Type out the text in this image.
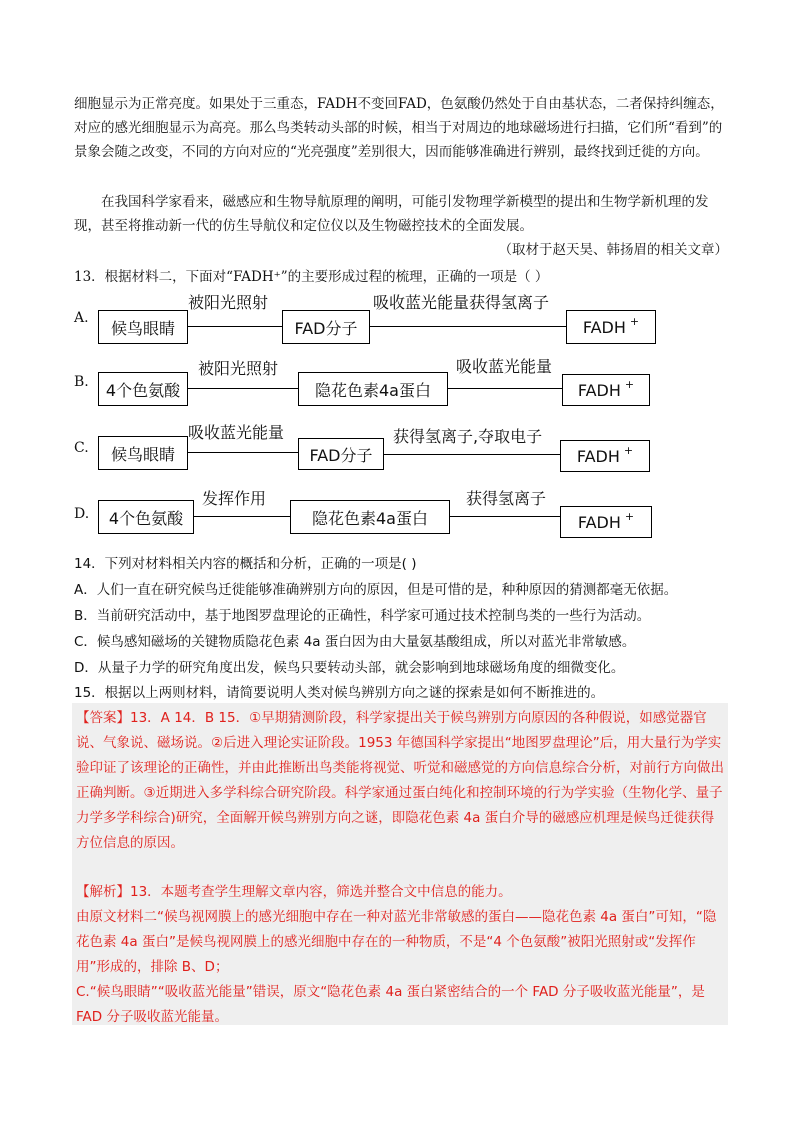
细胞显示为正常亮度。如果处于三重态，FADH不变回FAD，色氨酸仍然处于自由基状态，二者保持纠缠态，对应的感光细胞显示为高亮。那么鸟类转动头部的时候，相当于对周边的地球磁场进行扫描，它们所“看到”的景象会随之改变，不同的方向对应的“光亮强度”差别很大，因而能够准确进行辨别，最终找到迁徙的方向。
在我国科学家看来，磁感应和生物导航原理的阐明，可能引发物理学新模型的提出和生物学新机理的发现，甚至将推动新一代的仿生导航仪和定位仪以及生物磁控技术的全面发展。
（取材于赵天昊、韩扬眉的相关文章）
13．根据材料二，下面对“FADH⁺”的主要形成过程的梳理，正确的一项是（ ）
A.
候鸟眼睛
被阳光照射
FAD分子
吸收蓝光能量获得氢离子
FADH +
B.	4个色氨酸
被阳光照射
隐花色素4a蛋白
吸收蓝光能量
FADH +
C.	候鸟眼睛
吸收蓝光能量
FAD分子
获得氢离子,夺取电子
FADH +
D.	4个色氨酸
发挥作用
隐花色素4a蛋白
获得氢离子
FADH +
14．下列对材料相关内容的概括和分析，正确的一项是( )
A．人们一直在研究候鸟迁徙能够准确辨别方向的原因，但是可惜的是，种种原因的猜测都毫无依据。
B．当前研究活动中，基于地图罗盘理论的正确性，科学家可通过技术控制鸟类的一些行为活动。
C．候鸟感知磁场的关键物质隐花色素 4a 蛋白因为由大量氨基酸组成，所以对蓝光非常敏感。
D．从量子力学的研究角度出发，候鸟只要转动头部，就会影响到地球磁场角度的细微变化。
15．根据以上两则材料，请简要说明人类对候鸟辨别方向之谜的探索是如何不断推进的。
【答案】13．A 14．B 15．①早期猜测阶段，科学家提出关于候鸟辨别方向原因的各种假说，如感觉器官说、气象说、磁场说。②后进入理论实证阶段。1953 年德国科学家提出“地图罗盘理论”后，用大量行为学实验印证了该理论的正确性，并由此推断出鸟类能将视觉、听觉和磁感觉的方向信息综合分析，对前行方向做出正确判断。③近期进入多学科综合研究阶段。科学家通过蛋白纯化和控制环境的行为学实验（生物化学、量子力学多学科综合)研究，全面解开候鸟辨别方向之谜，即隐花色素 4a 蛋白介导的磁感应机理是候鸟迁徙获得方位信息的原因。
【解析】13．本题考查学生理解文章内容，筛选并整合文中信息的能力。
由原文材料二“候鸟视网膜上的感光细胞中存在一种对蓝光非常敏感的蛋白——隐花色素 4a 蛋白”可知，“隐花色素 4a 蛋白”是候鸟视网膜上的感光细胞中存在的一种物质，不是“4 个色氨酸”被阳光照射或“发挥作用”形成的，排除 B、D；
C.“候鸟眼睛”“吸收蓝光能量”错误，原文“隐花色素 4a 蛋白紧密结合的一个 FAD 分子吸收蓝光能量”，是 FAD 分子吸收蓝光能量。
